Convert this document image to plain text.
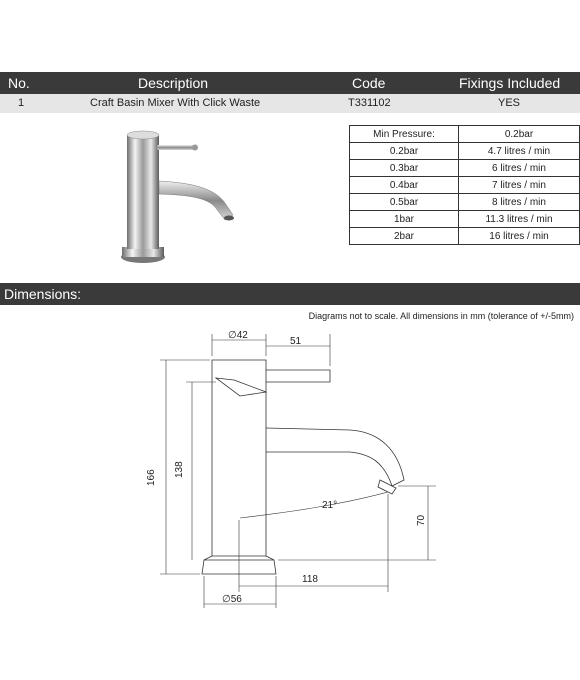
No.	Description	Code	Fixings Included
1	Craft Basin Mixer With Click Waste	T331102	YES
Min Pressure:	0.2bar
0.2bar	4.7 litres / min
0.3bar	6 litres / min
0.4bar	7 litres / min
0.5bar	8 litres / min
1bar	11.3 litres / min
2bar	16 litres / min
Dimensions:
Diagrams not to scale. All dimensions in mm (tolerance of +/-5mm)
∅42
51
166 138
21°
70
118
∅56
